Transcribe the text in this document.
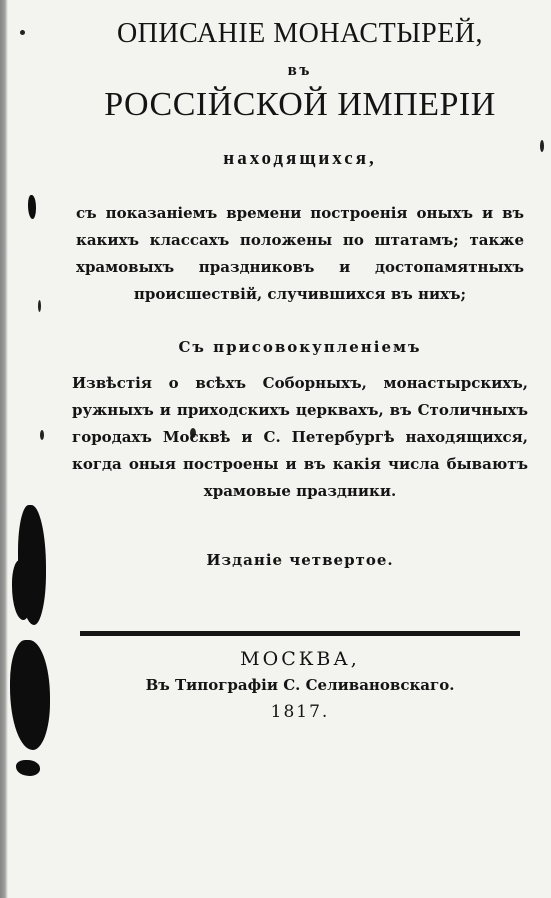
ОПИСАНІЕ МОНАСТЫРЕЙ,
въ
РОССІЙСКОЙ ИМПЕРІИ
находящихся,
съ показаніемъ времени построенія оныхъ и въ какихъ классахъ положены по штатамъ; также храмовыхъ праздниковъ и достопамятныхъ происшествій, случившихся въ нихъ;
Съ присовокупленіемъ
Извѣстія о всѣхъ Соборныхъ, монастырскихъ, ружныхъ и приходскихъ церквахъ, въ Столичныхъ городахъ Москвѣ и С. Петербургѣ находящихся, когда оныя построены и въ какія числа бываютъ храмовые праздники.
Изданіе четвертое.
МОСКВА,
Въ Типографіи С. Селивановскаго.
1817.
